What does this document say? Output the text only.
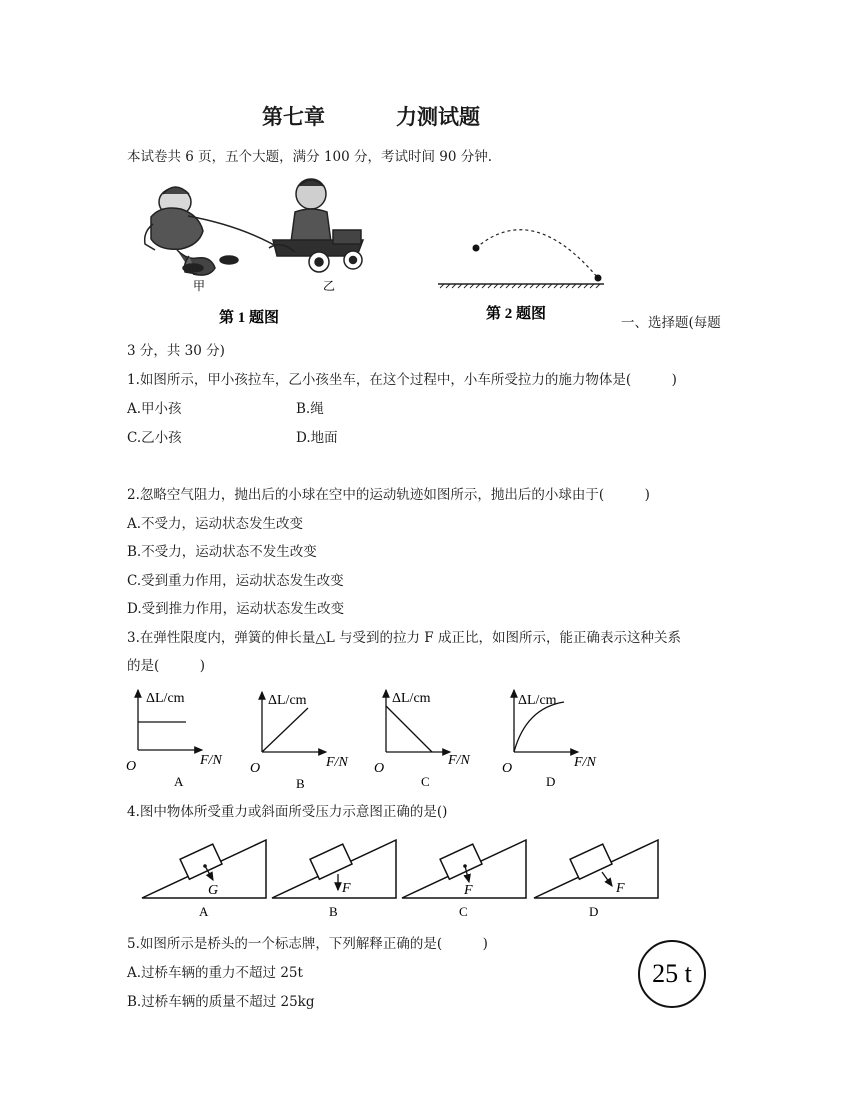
第七章	力测试题
本试卷共 6 页，五个大题，满分 100 分，考试时间 90 分钟.
甲	乙
第 1 题图	第 2 题图
一、选择题(每题
3 分，共 30 分)
1.如图所示，甲小孩拉车，乙小孩坐车，在这个过程中，小车所受拉力的施力物体是(　　　)
A.甲小孩	B.绳
C.乙小孩	D.地面
2.忽略空气阻力，抛出后的小球在空中的运动轨迹如图所示，抛出后的小球由于(　　　)
A.不受力，运动状态发生改变
B.不受力，运动状态不发生改变
C.受到重力作用，运动状态发生改变
D.受到推力作用，运动状态发生改变
3.在弹性限度内，弹簧的伸长量△L 与受到的拉力 F 成正比，如图所示，能正确表示这种关系
的是(　　　)
ΔL/cm
F/N
O
A
ΔL/cm
F/N
O
B
ΔL/cm
F/N
O
C
ΔL/cm
F/N
O
D
4.图中物体所受重力或斜面所受压力示意图正确的是()
G
A
F
B
F
C
F
D
5.如图所示是桥头的一个标志牌，下列解释正确的是(　　　)
A.过桥车辆的重力不超过 25t
B.过桥车辆的质量不超过 25kg
25 t
